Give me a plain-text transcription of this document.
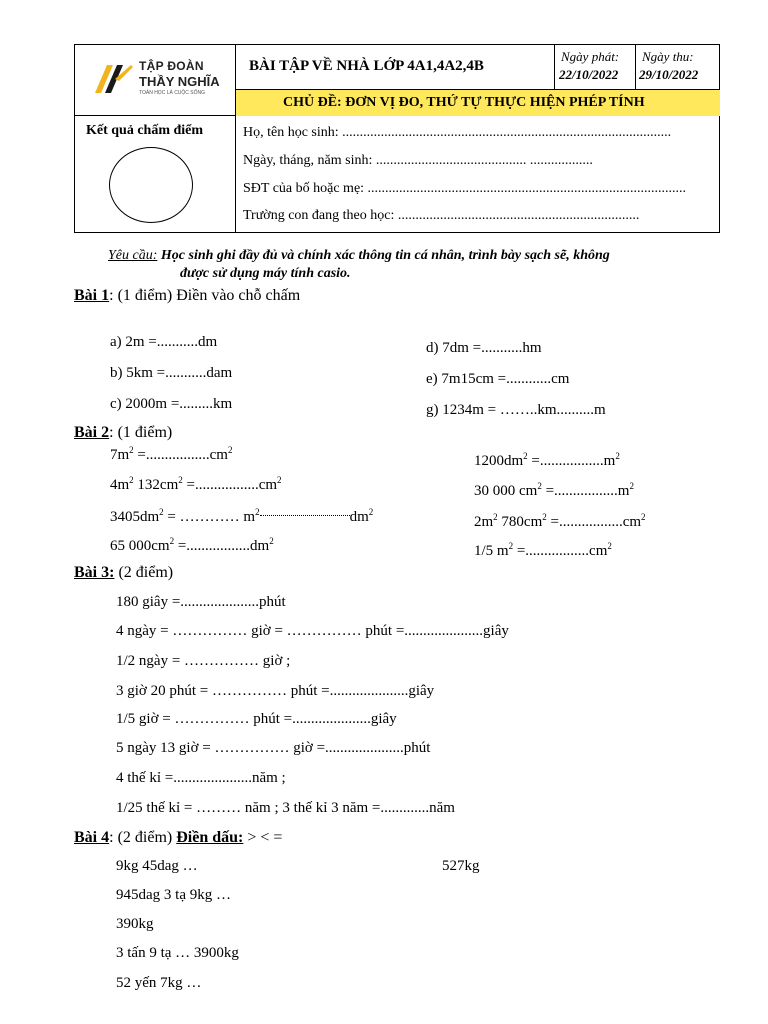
TẬP ĐOÀN
THẦY NGHĨA
TOÁN HỌC LÀ CUỘC SỐNG
BÀI TẬP VỀ NHÀ LỚP 4A1,4A2,4B
Ngày phát:
22/10/2022
Ngày thu:
29/10/2022
CHỦ ĐỀ: ĐƠN VỊ ĐO, THỨ TỰ THỰC HIỆN PHÉP TÍNH
Kết quả chấm điểm	Họ, tên học sinh: ..............................................................................................
Ngày, tháng, năm sinh: ........................................... ..................
SĐT của bố hoặc mẹ: ...........................................................................................
Trường con đang theo học: .....................................................................
Yêu cầu: Học sinh ghi đầy đủ và chính xác thông tin cá nhân, trình bày sạch sẽ, không
được sử dụng máy tính casio.
Bài 1: (1 điểm) Điền vào chỗ chấm
a) 2m =...........dm
b) 5km =...........dam
c) 2000m =.........km
d) 7dm =...........hm
e) 7m15cm =............cm
g) 1234m = ……..km..........m
Bài 2: (1 điểm)
$7m^2 =.................cm^2$
$4m^2$ $132cm^2 =.................cm^2$
$3405dm^2$ = ………… $m^2$	$dm^2$
65 $000cm^2 =.................dm^2$
$1200dm^2 =.................m^2$
30 000 $cm^2 =.................m^2$
$2m^2$ $780cm^2 =.................cm^2$
1/5 $m^2 =.................cm^2$
Bài 3: (2 điểm)
180 giây =.....................phút
4 ngày = …………… giờ = …………… phút =.....................giây
1/2 ngày = …………… giờ ;
3 giờ 20 phút = …………… phút =.....................giây
1/5 giờ = …………… phút =.....................giây
5 ngày 13 giờ = …………… giờ =.....................phút
4 thế kỉ =.....................năm ;
1/25 thế kỉ = ……… năm ; 3 thế kỉ 3 năm =.............năm
Bài 4: (2 điểm) Điền dấu: > < =
9kg 45dag …	527kg
945dag 3 tạ 9kg …
390kg
3 tấn 9 tạ … 3900kg
52 yến 7kg …
